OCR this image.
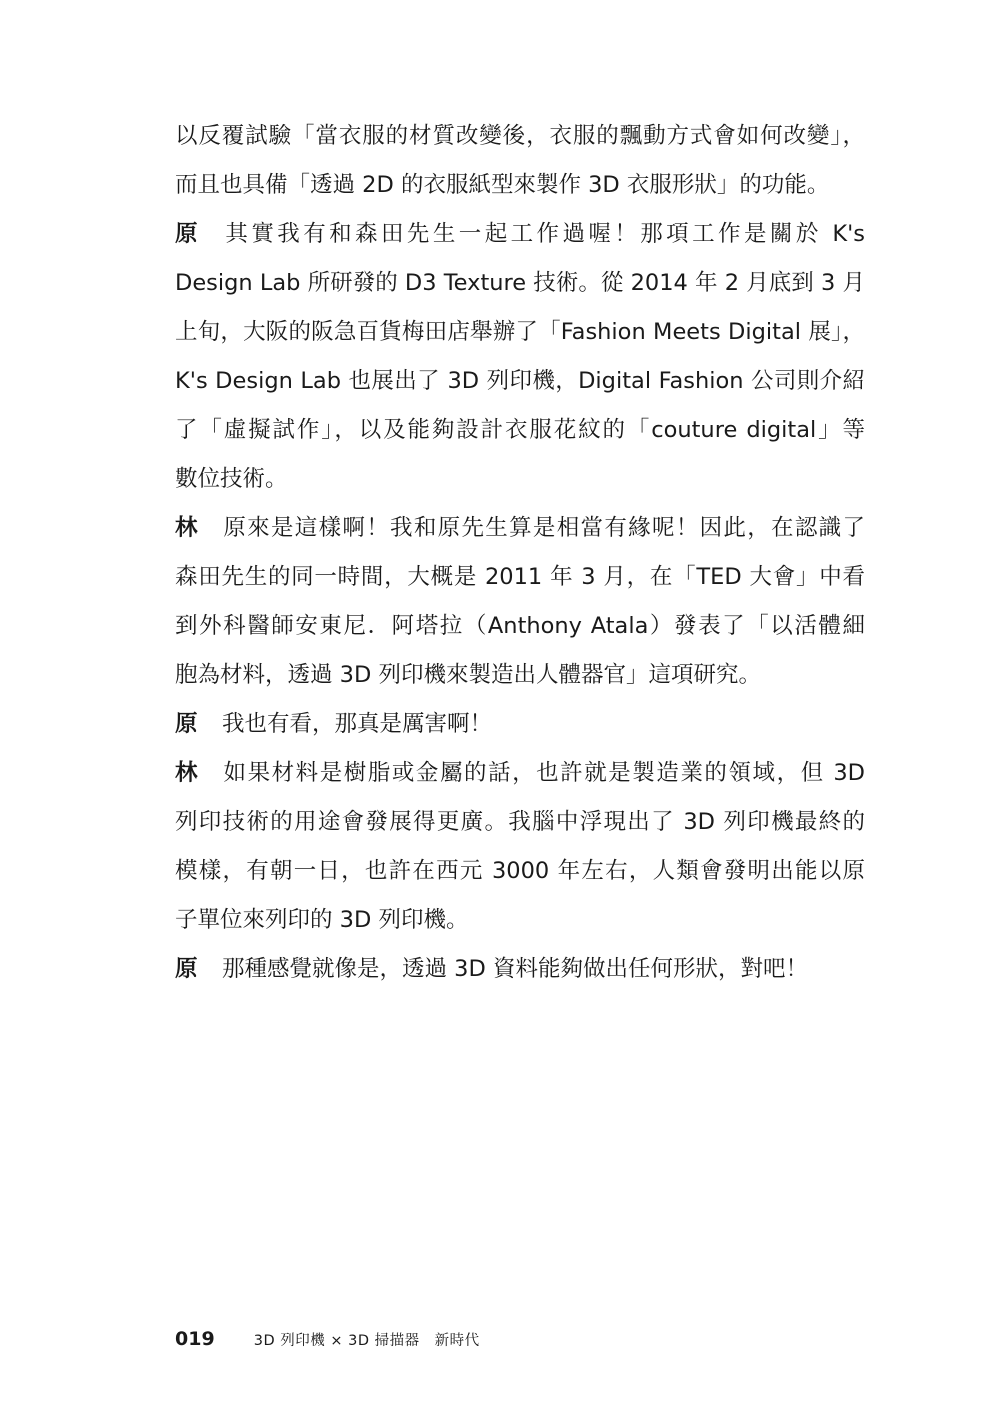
以反覆試驗「當衣服的材質改變後，衣服的飄動方式會如何改變」，
而且也具備「透過 2D 的衣服紙型來製作 3D 衣服形狀」的功能。
原 其實我有和森田先生一起工作過喔！那項工作是關於 K's
Design Lab 所研發的 D3 Texture 技術。從 2014 年 2 月底到 3 月
上旬，大阪的阪急百貨梅田店舉辦了「Fashion Meets Digital 展」，
K's Design Lab 也展出了 3D 列印機，Digital Fashion 公司則介紹
了「虛擬試作」，以及能夠設計衣服花紋的「couture digital」等
數位技術。
林 原來是這樣啊！我和原先生算是相當有緣呢！因此，在認識了
森田先生的同一時間，大概是 2011 年 3 月，在「TED 大會」中看
到外科醫師安東尼．阿塔拉（Anthony Atala）發表了「以活體細
胞為材料，透過 3D 列印機來製造出人體器官」這項研究。
原 我也有看，那真是厲害啊！
林 如果材料是樹脂或金屬的話，也許就是製造業的領域，但 3D
列印技術的用途會發展得更廣。我腦中浮現出了 3D 列印機最終的
模樣，有朝一日，也許在西元 3000 年左右，人類會發明出能以原
子單位來列印的 3D 列印機。
原 那種感覺就像是，透過 3D 資料能夠做出任何形狀，對吧！
019	3D 列印機 × 3D 掃描器　新時代
